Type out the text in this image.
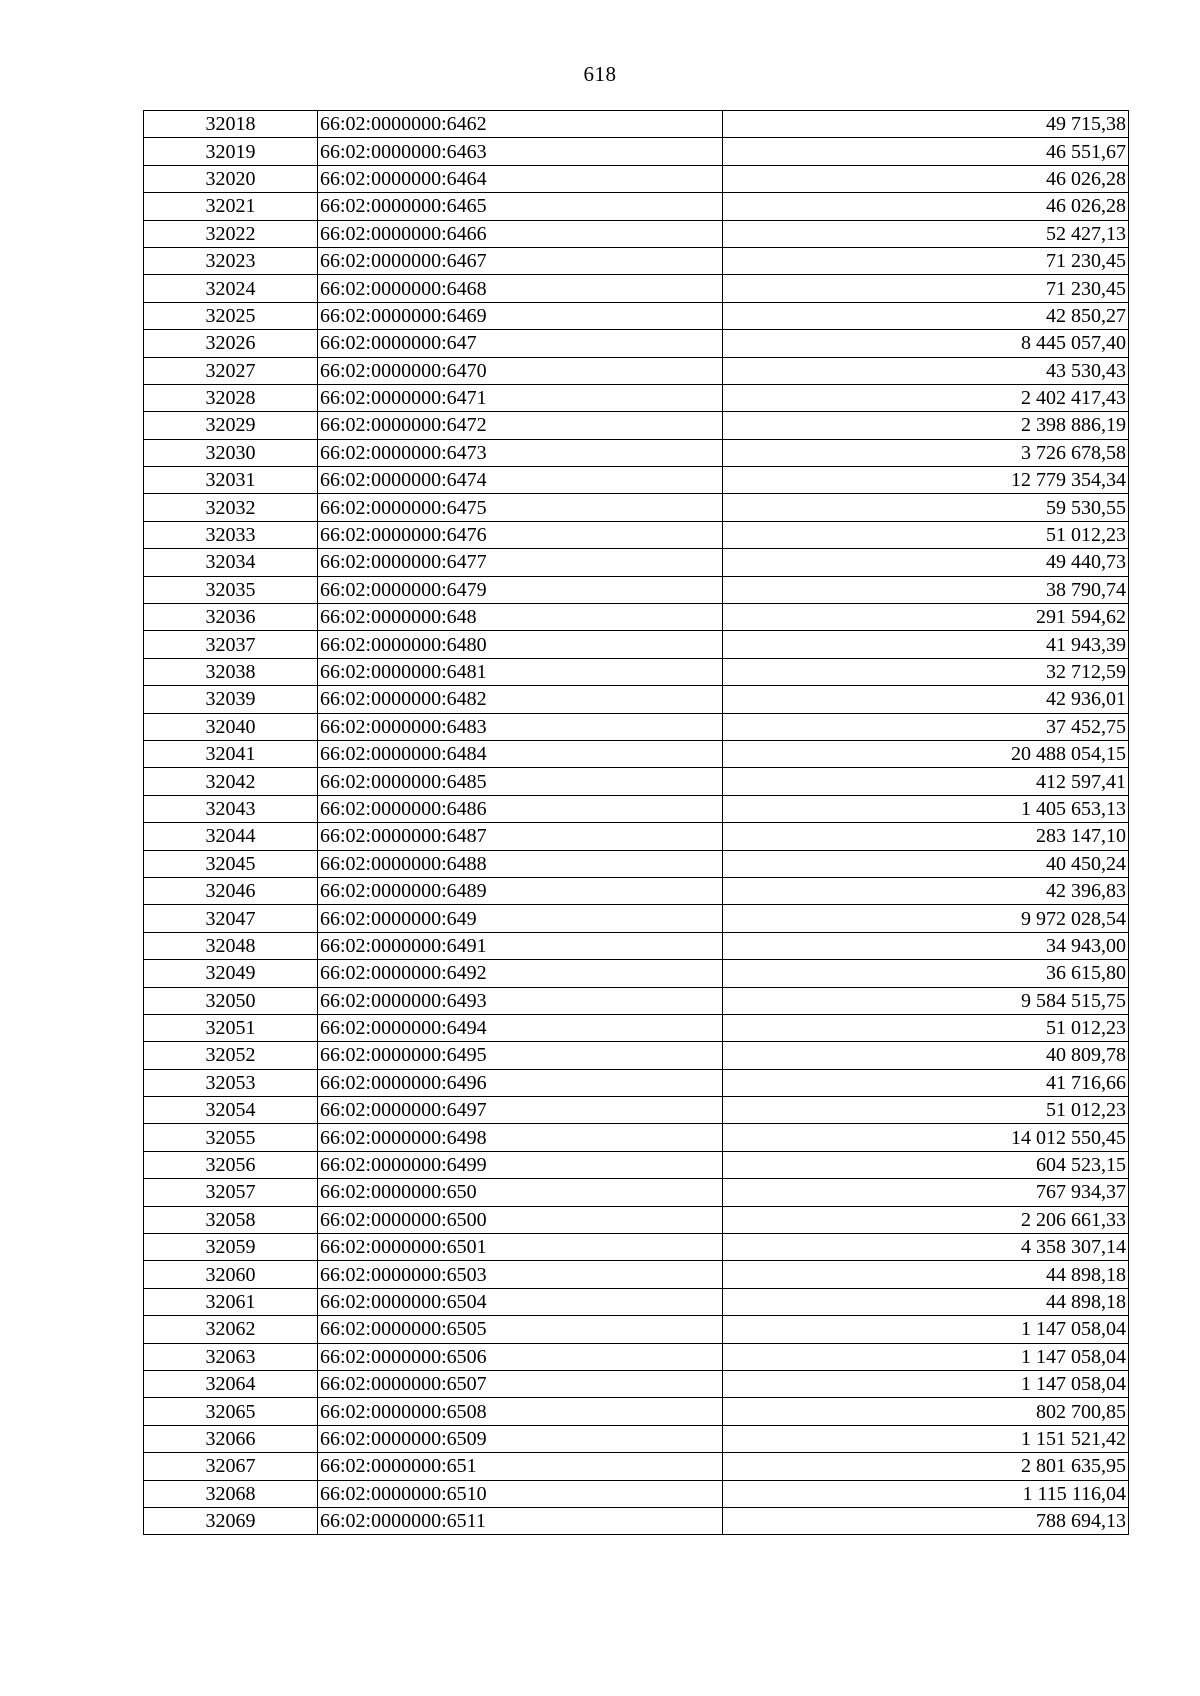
618
32018	66:02:0000000:6462	49 715,38
32019	66:02:0000000:6463	46 551,67
32020	66:02:0000000:6464	46 026,28
32021	66:02:0000000:6465	46 026,28
32022	66:02:0000000:6466	52 427,13
32023	66:02:0000000:6467	71 230,45
32024	66:02:0000000:6468	71 230,45
32025	66:02:0000000:6469	42 850,27
32026	66:02:0000000:647	8 445 057,40
32027	66:02:0000000:6470	43 530,43
32028	66:02:0000000:6471	2 402 417,43
32029	66:02:0000000:6472	2 398 886,19
32030	66:02:0000000:6473	3 726 678,58
32031	66:02:0000000:6474	12 779 354,34
32032	66:02:0000000:6475	59 530,55
32033	66:02:0000000:6476	51 012,23
32034	66:02:0000000:6477	49 440,73
32035	66:02:0000000:6479	38 790,74
32036	66:02:0000000:648	291 594,62
32037	66:02:0000000:6480	41 943,39
32038	66:02:0000000:6481	32 712,59
32039	66:02:0000000:6482	42 936,01
32040	66:02:0000000:6483	37 452,75
32041	66:02:0000000:6484	20 488 054,15
32042	66:02:0000000:6485	412 597,41
32043	66:02:0000000:6486	1 405 653,13
32044	66:02:0000000:6487	283 147,10
32045	66:02:0000000:6488	40 450,24
32046	66:02:0000000:6489	42 396,83
32047	66:02:0000000:649	9 972 028,54
32048	66:02:0000000:6491	34 943,00
32049	66:02:0000000:6492	36 615,80
32050	66:02:0000000:6493	9 584 515,75
32051	66:02:0000000:6494	51 012,23
32052	66:02:0000000:6495	40 809,78
32053	66:02:0000000:6496	41 716,66
32054	66:02:0000000:6497	51 012,23
32055	66:02:0000000:6498	14 012 550,45
32056	66:02:0000000:6499	604 523,15
32057	66:02:0000000:650	767 934,37
32058	66:02:0000000:6500	2 206 661,33
32059	66:02:0000000:6501	4 358 307,14
32060	66:02:0000000:6503	44 898,18
32061	66:02:0000000:6504	44 898,18
32062	66:02:0000000:6505	1 147 058,04
32063	66:02:0000000:6506	1 147 058,04
32064	66:02:0000000:6507	1 147 058,04
32065	66:02:0000000:6508	802 700,85
32066	66:02:0000000:6509	1 151 521,42
32067	66:02:0000000:651	2 801 635,95
32068	66:02:0000000:6510	1 115 116,04
32069	66:02:0000000:6511	788 694,13
